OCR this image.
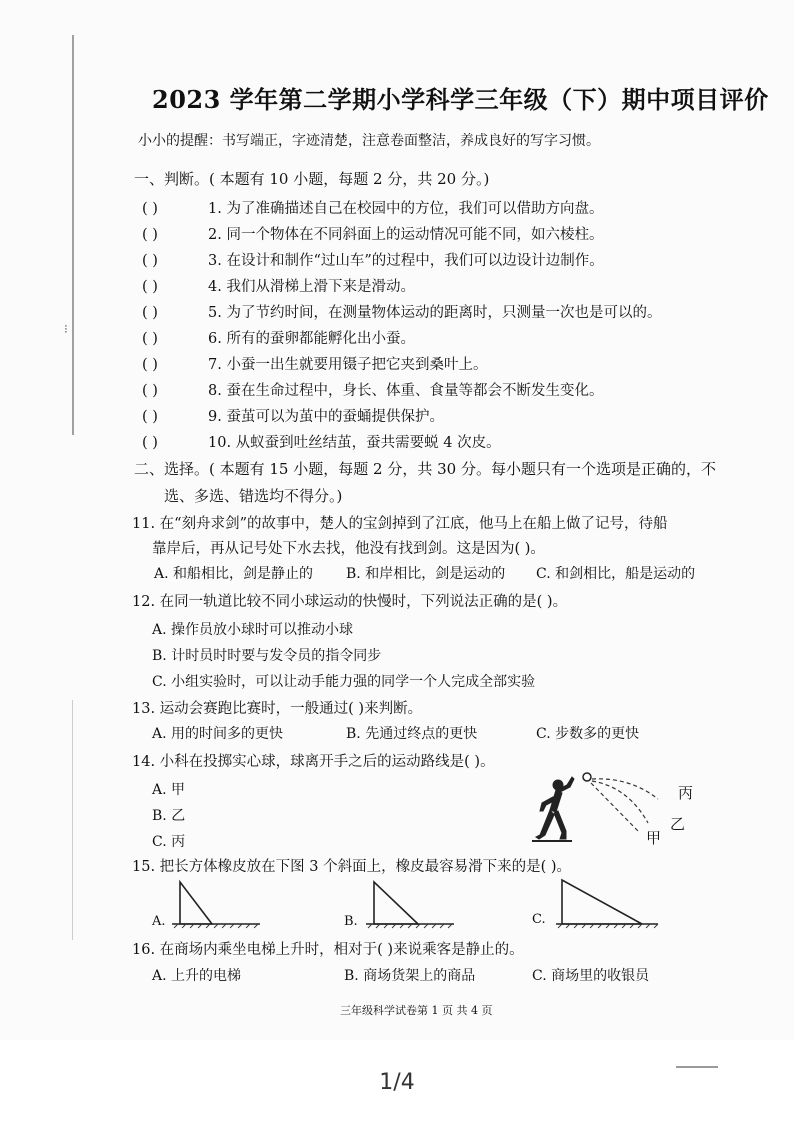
⁝
2023 学年第二学期小学科学三年级（下）期中项目评价
小小的提醒：书写端正，字迹清楚，注意卷面整洁，养成良好的写字习惯。
一、判断。( 本题有 10 小题，每题 2 分，共 20 分。)
( )	1. 为了准确描述自己在校园中的方位，我们可以借助方向盘。
( )	2. 同一个物体在不同斜面上的运动情况可能不同，如六棱柱。
( )	3. 在设计和制作“过山车”的过程中，我们可以边设计边制作。
( )	4. 我们从滑梯上滑下来是滑动。
( )	5. 为了节约时间，在测量物体运动的距离时，只测量一次也是可以的。
( )	6. 所有的蚕卵都能孵化出小蚕。
( )	7. 小蚕一出生就要用镊子把它夹到桑叶上。
( )	8. 蚕在生命过程中，身长、体重、食量等都会不断发生变化。
( )	9. 蚕茧可以为茧中的蚕蛹提供保护。
( )	10. 从蚁蚕到吐丝结茧，蚕共需要蜕 4 次皮。
二、选择。( 本题有 15 小题，每题 2 分，共 30 分。每小题只有一个选项是正确的，不
选、多选、错选均不得分。)
11. 在“刻舟求剑”的故事中，楚人的宝剑掉到了江底，他马上在船上做了记号，待船
靠岸后，再从记号处下水去找，他没有找到剑。这是因为( )。
A. 和船相比，剑是静止的 B. 和岸相比，剑是运动的 C. 和剑相比，船是运动的
12. 在同一轨道比较不同小球运动的快慢时，下列说法正确的是( )。
A. 操作员放小球时可以推动小球
B. 计时员时时要与发令员的指令同步
C. 小组实验时，可以让动手能力强的同学一个人完成全部实验
13. 运动会赛跑比赛时，一般通过( )来判断。
A. 用的时间多的更快	B. 先通过终点的更快	C. 步数多的更快
14. 小科在投掷实心球，球离开手之后的运动路线是( )。
A. 甲
B. 乙
C. 丙
丙
乙
甲
15. 把长方体橡皮放在下图 3 个斜面上，橡皮最容易滑下来的是( )。
A.	B.	C.
16. 在商场内乘坐电梯上升时，相对于( )来说乘客是静止的。
A. 上升的电梯	B. 商场货架上的商品	C. 商场里的收银员
三年级科学试卷第 1 页 共 4 页
1/4
